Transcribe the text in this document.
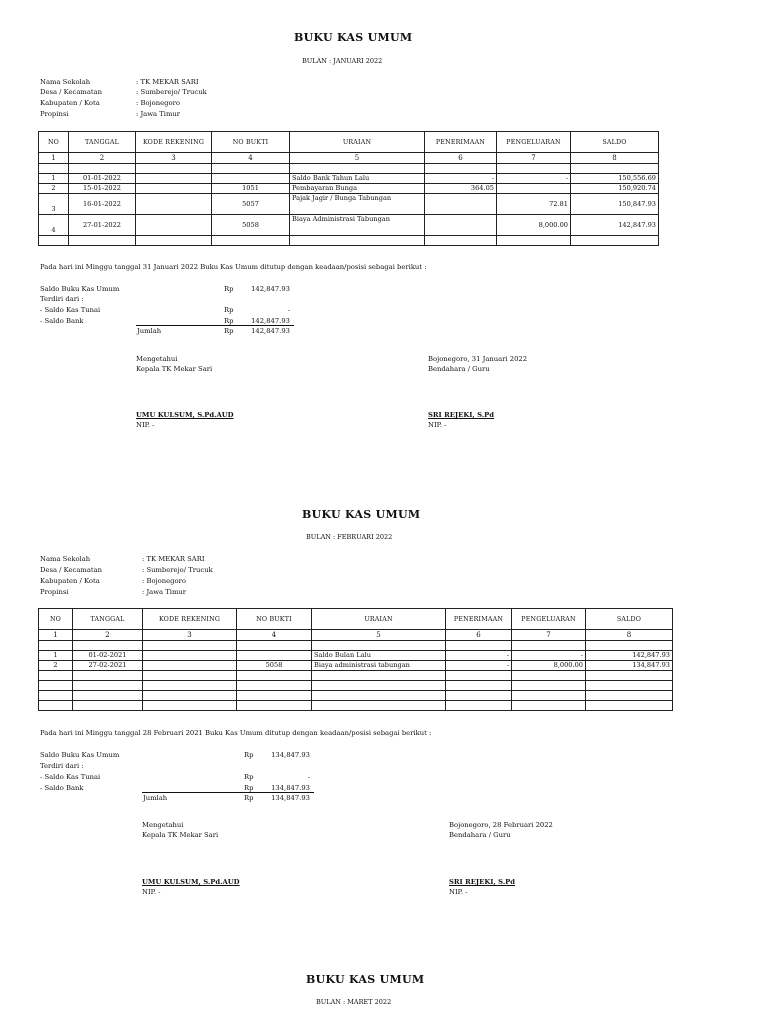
BUKU KAS UMUM
BULAN : JANUARI 2022
Nama Sekolah	: TK MEKAR SARI
Desa / Kecamatan	: Sumberejo/ Trucuk
Kabupaten / Kota	: Bojonegoro
Propinsi	: Jawa Timur
NO	TANGGAL	KODE REKENING	NO BUKTI	URAIAN	PENERIMAAN	PENGELUARAN	SALDO
1	2	3	4	5	6	7	8

1	01-01-2022			Saldo Bank Tahun Lalu	-	-	150,556.69
2	15-01-2022		1051	Pembayaran Bunga	364.05		150,920.74
3	16-01-2022		5057	Pajak Jagir / Bunga Tabungan		72.81	150,847.93
4	27-01-2022		5058	Biaya Administrasi Tabungan		8,000.00	142,847.93

Pada hari ini Minggu tanggal 31 Januari 2022 Buku Kas Umum ditutup dengan keadaan/posisi sebagai berikut :
Saldo Buku Kas Umum	Rp	142,847.93
Terdiri dari :
- Saldo Kas Tunai	Rp	-
- Saldo Bank	Rp	142,847.93
Jumlah	Rp	142,847.93
Mengetahui
Kepala TK Mekar Sari
Bojonegoro, 31 Januari 2022
Bendahara / Guru
UMU KULSUM, S.Pd.AUD
NIP. -
SRI REJEKI, S.Pd
NIP. -
BUKU KAS UMUM
BULAN : FEBRUARI 2022
Nama Sekolah	: TK MEKAR SARI
Desa / Kecamatan	: Sumberejo/ Trucuk
Kabupaten / Kota	: Bojonegoro
Propinsi	: Jawa Timur
NO	TANGGAL	KODE REKENING	NO BUKTI	URAIAN	PENERIMAAN	PENGELUARAN	SALDO
1	2	3	4	5	6	7	8

1	01-02-2021			Saldo Bulan Lalu	-	-	142,847.93
2	27-02-2021		5058	Biaya administrasi tabungan	-	8,000.00	134,847.93

Pada hari ini Minggu tanggal 28 Februari 2021 Buku Kas Umum ditutup dengan keadaan/posisi sebagai berikut :
Saldo Buku Kas Umum	Rp	134,847.93
Terdiri dari :
- Saldo Kas Tunai	Rp	-
- Saldo Bank	Rp	134,847.93
Jumlah	Rp	134,847.93
Mengetahui
Kepala TK Mekar Sari
Bojonegoro, 28 Februari 2022
Bendahara / Guru
UMU KULSUM, S.Pd.AUD
NIP. -
SRI REJEKI, S.Pd
NIP. -
BUKU KAS UMUM
BULAN : MARET 2022
